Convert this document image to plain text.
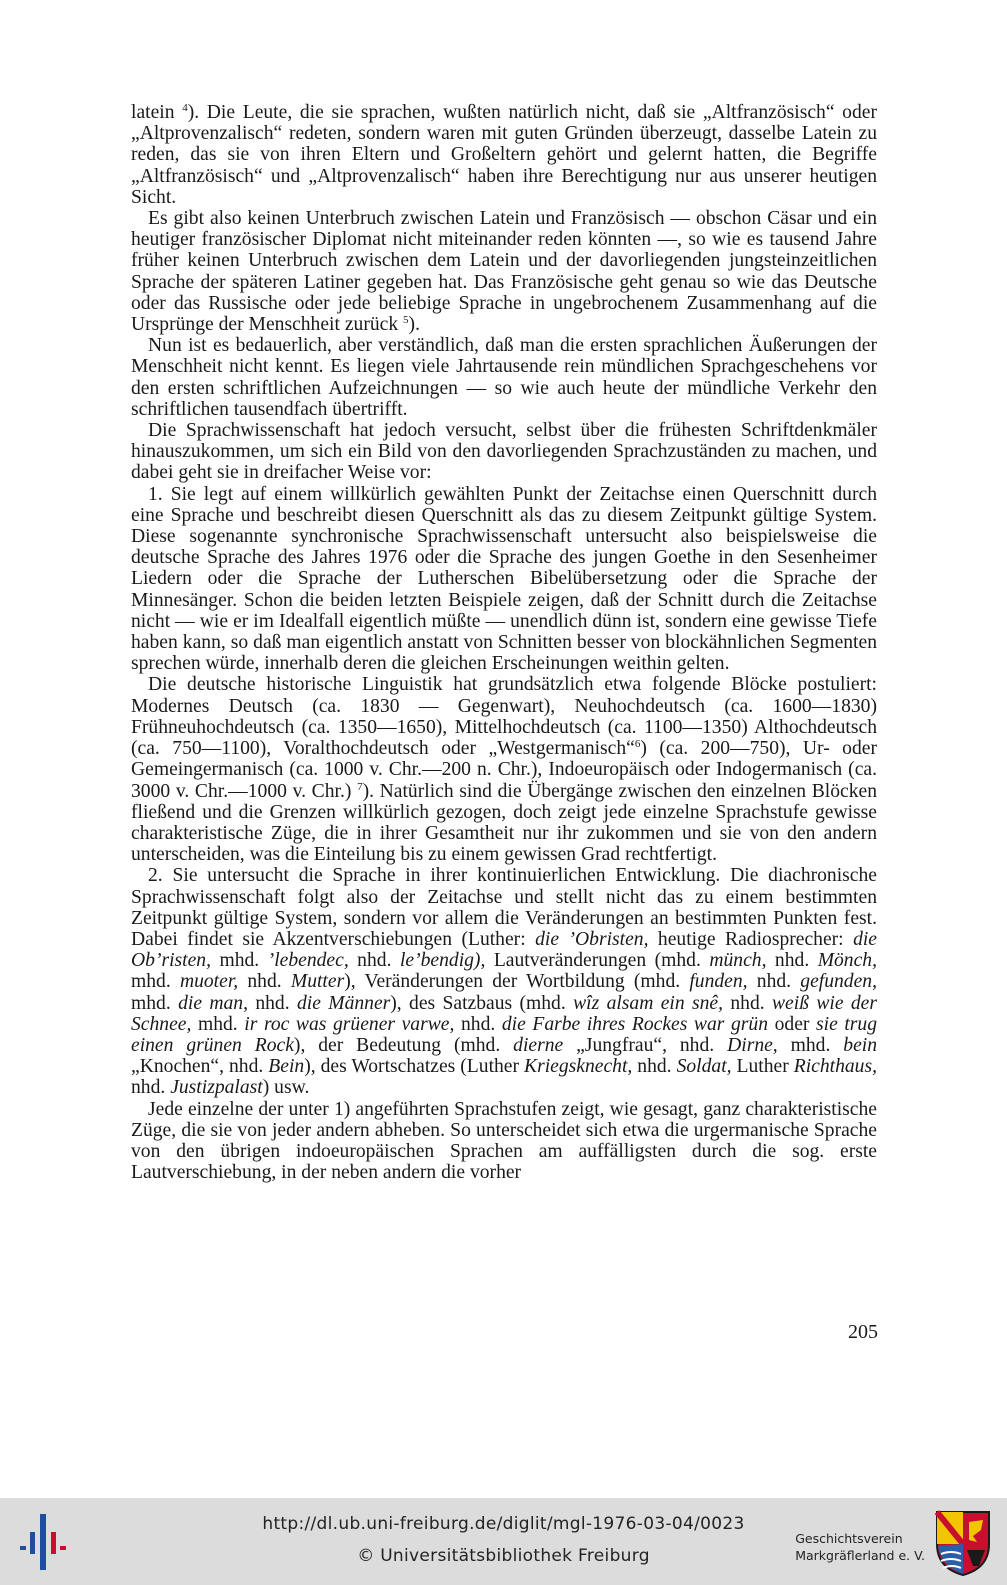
latein $^4$). Die Leute, die sie sprachen, wußten natürlich nicht, daß sie „Altfranzösisch“ oder „Altprovenzalisch“ redeten, sondern waren mit guten Gründen überzeugt, dasselbe Latein zu reden, das sie von ihren Eltern und Großeltern gehört und gelernt hatten, die Begriffe „Altfranzösisch“ und „Altprovenzalisch“ haben ihre Berechtigung nur aus unserer heutigen Sicht.

Es gibt also keinen Unterbruch zwischen Latein und Französisch — obschon Cäsar und ein heutiger französischer Diplomat nicht miteinander reden könnten —, so wie es tausend Jahre früher keinen Unterbruch zwischen dem Latein und der davorliegenden jungsteinzeitlichen Sprache der späteren Latiner gegeben hat. Das Französische geht genau so wie das Deutsche oder das Russische oder jede beliebige Sprache in ungebrochenem Zusammenhang auf die Ursprünge der Menschheit zurück $^5$).

Nun ist es bedauerlich, aber verständlich, daß man die ersten sprachlichen Äußerungen der Menschheit nicht kennt. Es liegen viele Jahrtausende rein mündlichen Sprachgeschehens vor den ersten schriftlichen Aufzeichnungen — so wie auch heute der mündliche Verkehr den schriftlichen tausendfach übertrifft.

Die Sprachwissenschaft hat jedoch versucht, selbst über die frühesten Schriftdenkmäler hinauszukommen, um sich ein Bild von den davorliegenden Sprachzuständen zu machen, und dabei geht sie in dreifacher Weise vor:

1. Sie legt auf einem willkürlich gewählten Punkt der Zeitachse einen Querschnitt durch eine Sprache und beschreibt diesen Querschnitt als das zu diesem Zeitpunkt gültige System. Diese sogenannte synchronische Sprachwissenschaft untersucht also beispielsweise die deutsche Sprache des Jahres 1976 oder die Sprache des jungen Goethe in den Sesenheimer Liedern oder die Sprache der Lutherschen Bibelübersetzung oder die Sprache der Minnesänger. Schon die beiden letzten Beispiele zeigen, daß der Schnitt durch die Zeitachse nicht — wie er im Idealfall eigentlich müßte — unendlich dünn ist, sondern eine gewisse Tiefe haben kann, so daß man eigentlich anstatt von Schnitten besser von blockähnlichen Segmenten sprechen würde, innerhalb deren die gleichen Erscheinungen weithin gelten.

Die deutsche historische Linguistik hat grundsätzlich etwa folgende Blöcke postuliert: Modernes Deutsch (ca. 1830 — Gegenwart), Neuhochdeutsch (ca. 1600—1830) Frühneuhochdeutsch (ca. 1350—1650), Mittelhochdeutsch (ca. 1100—1350) Althochdeutsch (ca. 750—1100), Voralthochdeutsch oder „Westgermanisch“$^6$) (ca. 200—750), Ur- oder Gemeingermanisch (ca. 1000 v. Chr.—200 n. Chr.), Indoeuropäisch oder Indogermanisch (ca. 3000 v. Chr.—1000 v. Chr.) $^7$). Natürlich sind die Übergänge zwischen den einzelnen Blöcken fließend und die Grenzen willkürlich gezogen, doch zeigt jede einzelne Sprachstufe gewisse charakteristische Züge, die in ihrer Gesamtheit nur ihr zukommen und sie von den andern unterscheiden, was die Einteilung bis zu einem gewissen Grad rechtfertigt.

2. Sie untersucht die Sprache in ihrer kontinuierlichen Entwicklung. Die diachronische Sprachwissenschaft folgt also der Zeitachse und stellt nicht das zu einem bestimmten Zeitpunkt gültige System, sondern vor allem die Veränderungen an bestimmten Punkten fest. Dabei findet sie Akzentverschiebungen (Luther: die ’Obristen, heutige Radiosprecher: die Ob’risten, mhd. ’lebendec, nhd. le’bendig), Lautveränderungen (mhd. münch, nhd. Mönch, mhd. muoter, nhd. Mutter), Veränderungen der Wortbildung (mhd. funden, nhd. gefunden, mhd. die man, nhd. die Männer), des Satzbaus (mhd. wîz alsam ein snê, nhd. weiß wie der Schnee, mhd. ir roc was grüener varwe, nhd. die Farbe ihres Rockes war grün oder sie trug einen grünen Rock), der Bedeutung (mhd. dierne „Jungfrau“, nhd. Dirne, mhd. bein „Knochen“, nhd. Bein), des Wortschatzes (Luther Kriegsknecht, nhd. Soldat, Luther Richthaus, nhd. Justizpalast) usw.

Jede einzelne der unter 1) angeführten Sprachstufen zeigt, wie gesagt, ganz charakteristische Züge, die sie von jeder andern abheben. So unterscheidet sich etwa die urgermanische Sprache von den übrigen indoeuropäischen Sprachen am auffälligsten durch die sog. erste Lautverschiebung, in der neben andern die vorher

205
http://dl.ub.uni-freiburg.de/diglit/mgl-1976-03-04/0023
© Universitätsbibliothek Freiburg
Geschichtsverein
Markgräflerland e. V.
